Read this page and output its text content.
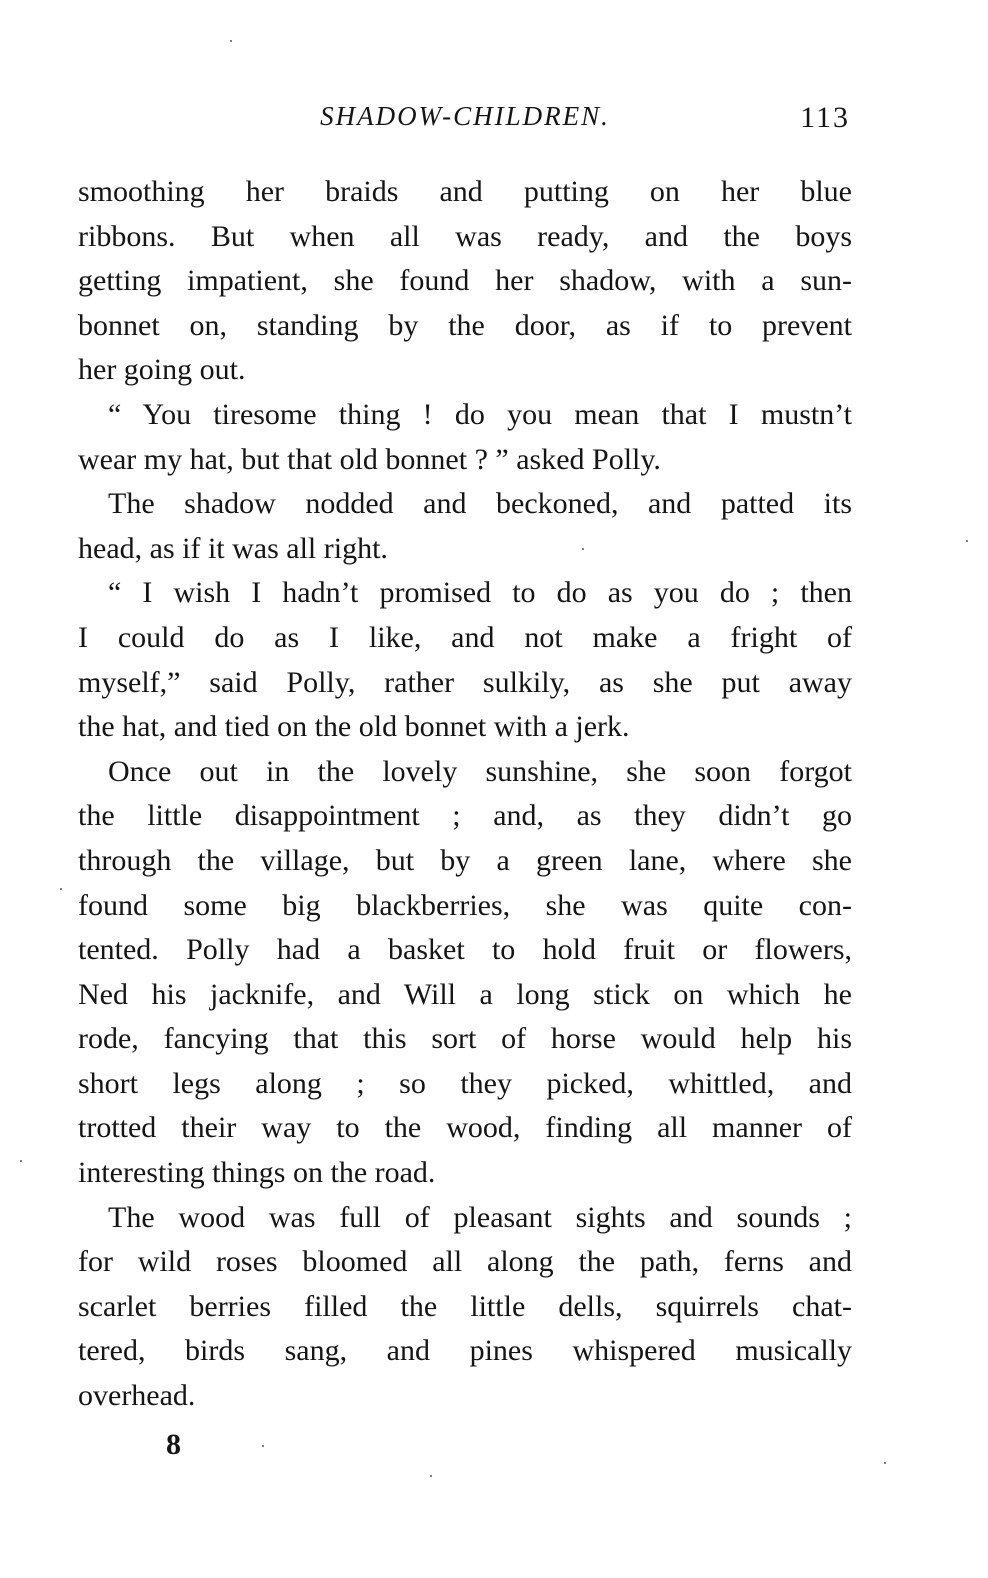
SHADOW-CHILDREN.	113
smoothing her braids and putting on her blue
ribbons. But when all was ready, and the boys
getting impatient, she found her shadow, with a sun-
bonnet on, standing by the door, as if to prevent
her going out.
“ You tiresome thing ! do you mean that I mustn’t
wear my hat, but that old bonnet ? ” asked Polly.
The shadow nodded and beckoned, and patted its
head, as if it was all right.
“ I wish I hadn’t promised to do as you do ; then
I could do as I like, and not make a fright of
myself,” said Polly, rather sulkily, as she put away
the hat, and tied on the old bonnet with a jerk.
Once out in the lovely sunshine, she soon forgot
the little disappointment ; and, as they didn’t go
through the village, but by a green lane, where she
found some big blackberries, she was quite con-
tented. Polly had a basket to hold fruit or flowers,
Ned his jacknife, and Will a long stick on which he
rode, fancying that this sort of horse would help his
short legs along ; so they picked, whittled, and
trotted their way to the wood, finding all manner of
interesting things on the road.
The wood was full of pleasant sights and sounds ;
for wild roses bloomed all along the path, ferns and
scarlet berries filled the little dells, squirrels chat-
tered, birds sang, and pines whispered musically
overhead.
8
